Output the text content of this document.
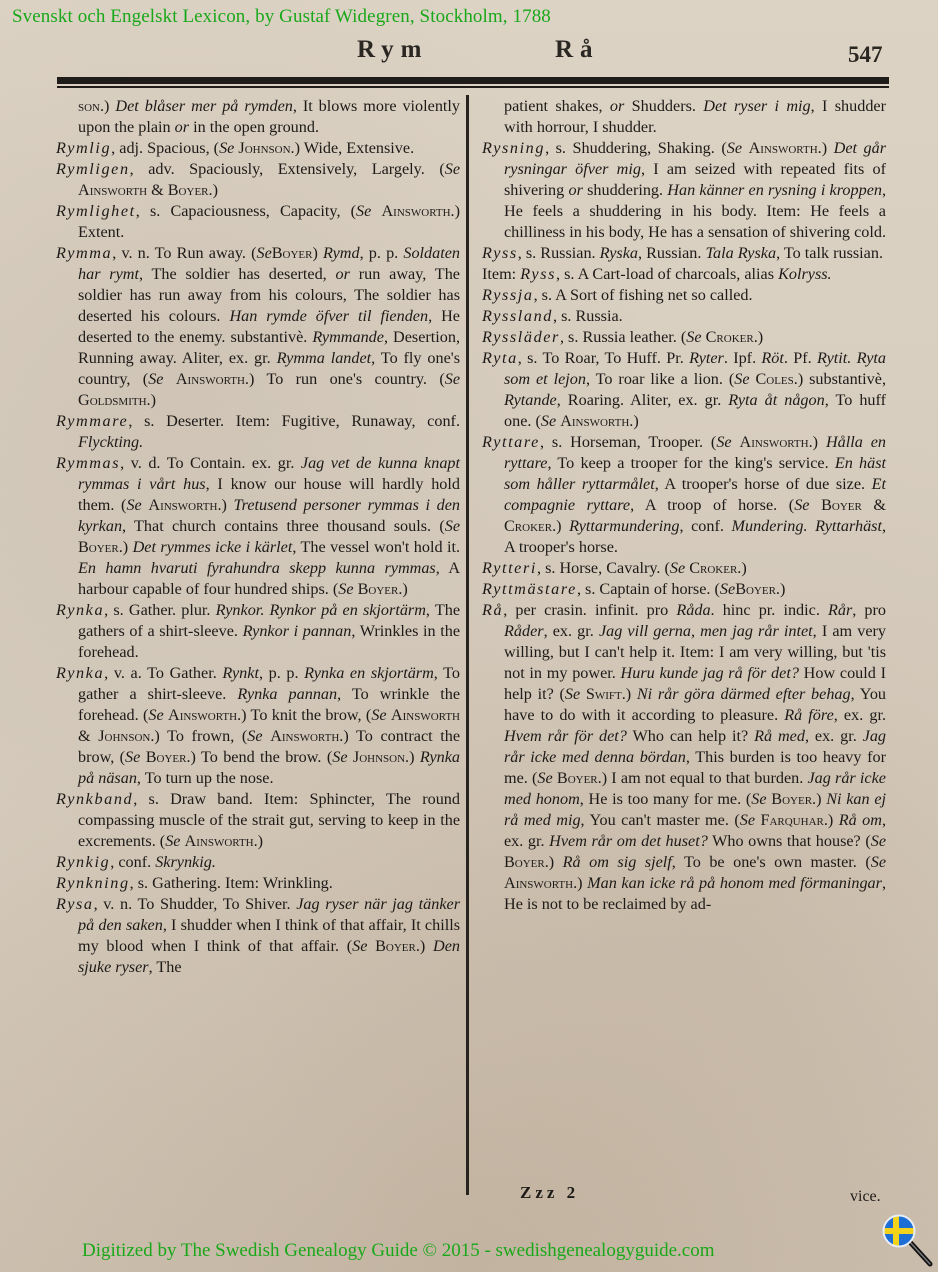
Svenskt och Engelskt Lexicon, by Gustaf Widegren, Stockholm, 1788
Rym	Rå	547

son.) Det blåser mer på rymden, It blows more violently upon the plain or in the open ground.

Rymlig, adj. Spacious, (Se Johnson.) Wide, Extensive.

Rymligen, adv. Spaciously, Extensively, Largely. (Se Ainsworth & Boyer.)

Rymlighet, s. Capaciousness, Capacity, (Se Ainsworth.) Extent.

Rymma, v. n. To Run away. (SeBoyer) Rymd, p. p. Soldaten har rymt, The soldier has deserted, or run away, The soldier has run away from his colours, The soldier has deserted his colours. Han rymde öfver til fienden, He deserted to the enemy. substantivè. Rymmande, Desertion, Running away. Aliter, ex. gr. Rymma landet, To fly one's country, (Se Ainsworth.) To run one's country. (Se Goldsmith.)

Rymmare, s. Deserter. Item: Fugitive, Runaway, conf. Flyckting.

Rymmas, v. d. To Contain. ex. gr. Jag vet de kunna knapt rymmas i vårt hus, I know our house will hardly hold them. (Se Ainsworth.) Tretusend personer rymmas i den kyrkan, That church contains three thousand souls. (Se Boyer.) Det rymmes icke i kärlet, The vessel won't hold it. En hamn hvaruti fyrahundra skepp kunna rymmas, A harbour capable of four hundred ships. (Se Boyer.)

Rynka, s. Gather. plur. Rynkor. Rynkor på en skjortärm, The gathers of a shirt-sleeve. Rynkor i pannan, Wrinkles in the forehead.

Rynka, v. a. To Gather. Rynkt, p. p. Rynka en skjortärm, To gather a shirt-sleeve. Rynka pannan, To wrinkle the forehead. (Se Ainsworth.) To knit the brow, (Se Ainsworth & Johnson.) To frown, (Se Ainsworth.) To contract the brow, (Se Boyer.) To bend the brow. (Se Johnson.) Rynka på näsan, To turn up the nose.

Rynkband, s. Draw band. Item: Sphincter, The round compassing muscle of the strait gut, serving to keep in the excrements. (Se Ainsworth.)

Rynkig, conf. Skrynkig.

Rynkning, s. Gathering. Item: Wrinkling.

Rysa, v. n. To Shudder, To Shiver. Jag ryser när jag tänker på den saken, I shudder when I think of that affair, It chills my blood when I think of that affair. (Se Boyer.) Den sjuke ryser, The

patient shakes, or Shudders. Det ryser i mig, I shudder with horrour, I shudder.

Rysning, s. Shuddering, Shaking. (Se Ainsworth.) Det går rysningar öfver mig, I am seized with repeated fits of shivering or shuddering. Han känner en rysning i kroppen, He feels a shuddering in his body. Item: He feels a chilliness in his body, He has a sensation of shivering cold.

Ryss, s. Russian. Ryska, Russian. Tala Ryska, To talk russian.

Item: Ryss, s. A Cart-load of charcoals, alias Kolryss.

Ryssja, s. A Sort of fishing net so called.

Ryssland, s. Russia.

Ryssläder, s. Russia leather. (Se Croker.)

Ryta, s. To Roar, To Huff. Pr. Ryter. Ipf. Röt. Pf. Rytit. Ryta som et lejon, To roar like a lion. (Se Coles.) substantivè, Rytande, Roaring. Aliter, ex. gr. Ryta åt någon, To huff one. (Se Ainsworth.)

Ryttare, s. Horseman, Trooper. (Se Ainsworth.) Hålla en ryttare, To keep a trooper for the king's service. En häst som håller ryttarmålet, A trooper's horse of due size. Et compagnie ryttare, A troop of horse. (Se Boyer & Croker.) Ryttarmundering, conf. Mundering. Ryttarhäst, A trooper's horse.

Rytteri, s. Horse, Cavalry. (Se Croker.)

Ryttmästare, s. Captain of horse. (SeBoyer.)

Rå, per crasin. infinit. pro Råda. hinc pr. indic. Rår, pro Råder, ex. gr. Jag vill gerna, men jag rår intet, I am very willing, but I can't help it. Item: I am very willing, but 'tis not in my power. Huru kunde jag rå för det? How could I help it? (Se Swift.) Ni rår göra därmed efter behag, You have to do with it according to pleasure. Rå före, ex. gr. Hvem rår för det? Who can help it? Rå med, ex. gr. Jag rår icke med denna bördan, This burden is too heavy for me. (Se Boyer.) I am not equal to that burden. Jag rår icke med honom, He is too many for me. (Se Boyer.) Ni kan ej rå med mig, You can't master me. (Se Farquhar.) Rå om, ex. gr. Hvem rår om det huset? Who owns that house? (Se Boyer.) Rå om sig sjelf, To be one's own master. (Se Ainsworth.) Man kan icke rå på honom med förmaningar, He is not to be reclaimed by ad-

Zzz 2	vice.
Digitized by The Swedish Genealogy Guide © 2015 - swedishgenealogyguide.com
